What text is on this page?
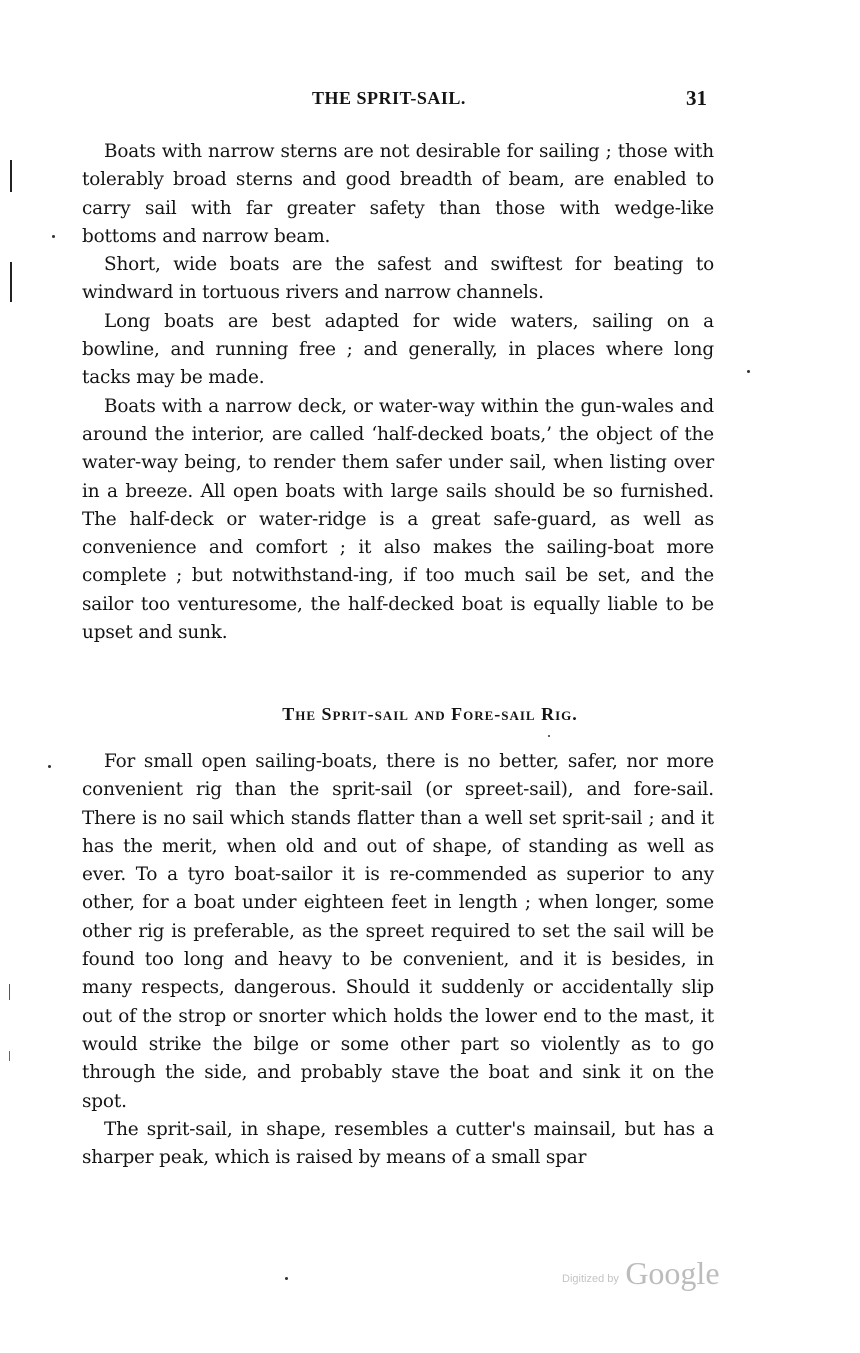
THE SPRIT-SAIL.	31

Boats with narrow sterns are not desirable for sailing ; those with tolerably broad sterns and good breadth of beam, are enabled to carry sail with far greater safety than those with wedge-like bottoms and narrow beam.

Short, wide boats are the safest and swiftest for beating to windward in tortuous rivers and narrow channels.

Long boats are best adapted for wide waters, sailing on a bowline, and running free ; and generally, in places where long tacks may be made.

Boats with a narrow deck, or water-way within the gun-wales and around the interior, are called ‘half-decked boats,’ the object of the water-way being, to render them safer under sail, when listing over in a breeze. All open boats with large sails should be so furnished. The half-deck or water-ridge is a great safe-guard, as well as convenience and comfort ; it also makes the sailing-boat more complete ; but notwithstand-ing, if too much sail be set, and the sailor too venturesome, the half-decked boat is equally liable to be upset and sunk.

The Sprit-sail and Fore-sail Rig.

For small open sailing-boats, there is no better, safer, nor more convenient rig than the sprit-sail (or spreet-sail), and fore-sail. There is no sail which stands flatter than a well set sprit-sail ; and it has the merit, when old and out of shape, of standing as well as ever. To a tyro boat-sailor it is re-commended as superior to any other, for a boat under eighteen feet in length ; when longer, some other rig is preferable, as the spreet required to set the sail will be found too long and heavy to be convenient, and it is besides, in many respects, dangerous. Should it suddenly or accidentally slip out of the strop or snorter which holds the lower end to the mast, it would strike the bilge or some other part so violently as to go through the side, and probably stave the boat and sink it on the spot.

The sprit-sail, in shape, resembles a cutter's mainsail, but has a sharper peak, which is raised by means of a small spar

Digitized by Google
